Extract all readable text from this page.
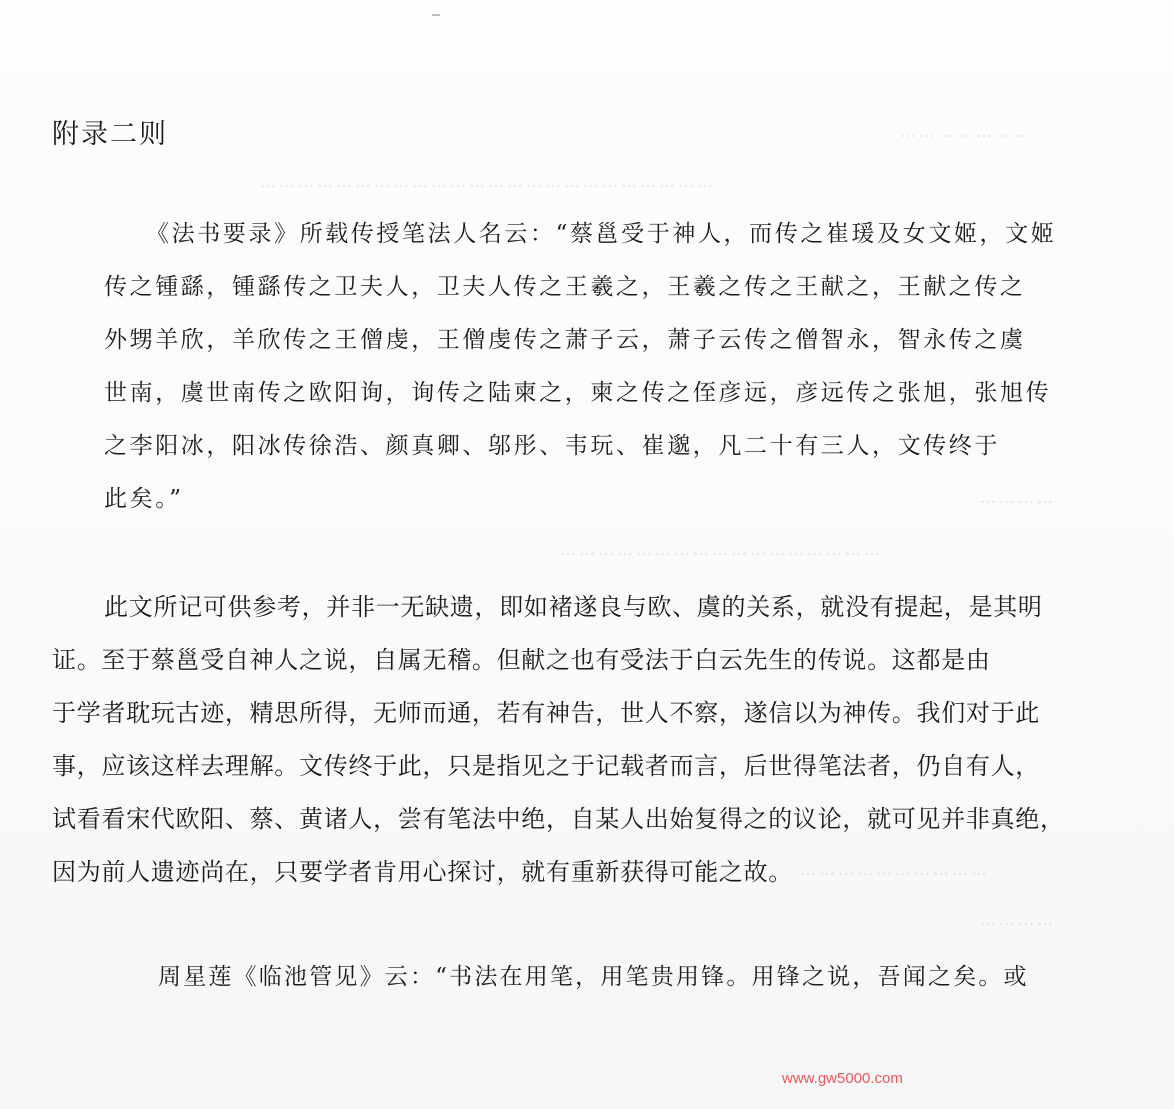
…………………
………………………………………………………………
…………
……………………………………………
…………………………
…………
附录二则
《法书要录》所载传授笔法人名云：“蔡邕受于神人，而传之崔瑗及女文姬，文姬
传之锺繇，锺繇传之卫夫人，卫夫人传之王羲之，王羲之传之王献之，王献之传之
外甥羊欣，羊欣传之王僧虔，王僧虔传之萧子云，萧子云传之僧智永，智永传之虞
世南，虞世南传之欧阳询，询传之陆柬之，柬之传之侄彦远，彦远传之张旭，张旭传
之李阳冰，阳冰传徐浩、颜真卿、邬彤、韦玩、崔邈，凡二十有三人，文传终于
此矣。”
此文所记可供参考，并非一无缺遗，即如褚遂良与欧、虞的关系，就没有提起，是其明
证。至于蔡邕受自神人之说，自属无稽。但献之也有受法于白云先生的传说。这都是由
于学者耽玩古迹，精思所得，无师而通，若有神告，世人不察，遂信以为神传。我们对于此
事，应该这样去理解。文传终于此，只是指见之于记载者而言，后世得笔法者，仍自有人，
试看看宋代欧阳、蔡、黄诸人，尝有笔法中绝，自某人出始复得之的议论，就可见并非真绝，
因为前人遗迹尚在，只要学者肯用心探讨，就有重新获得可能之故。
周星莲《临池管见》云：“书法在用笔，用笔贵用锋。用锋之说，吾闻之矣。或
www.gw5000.com
